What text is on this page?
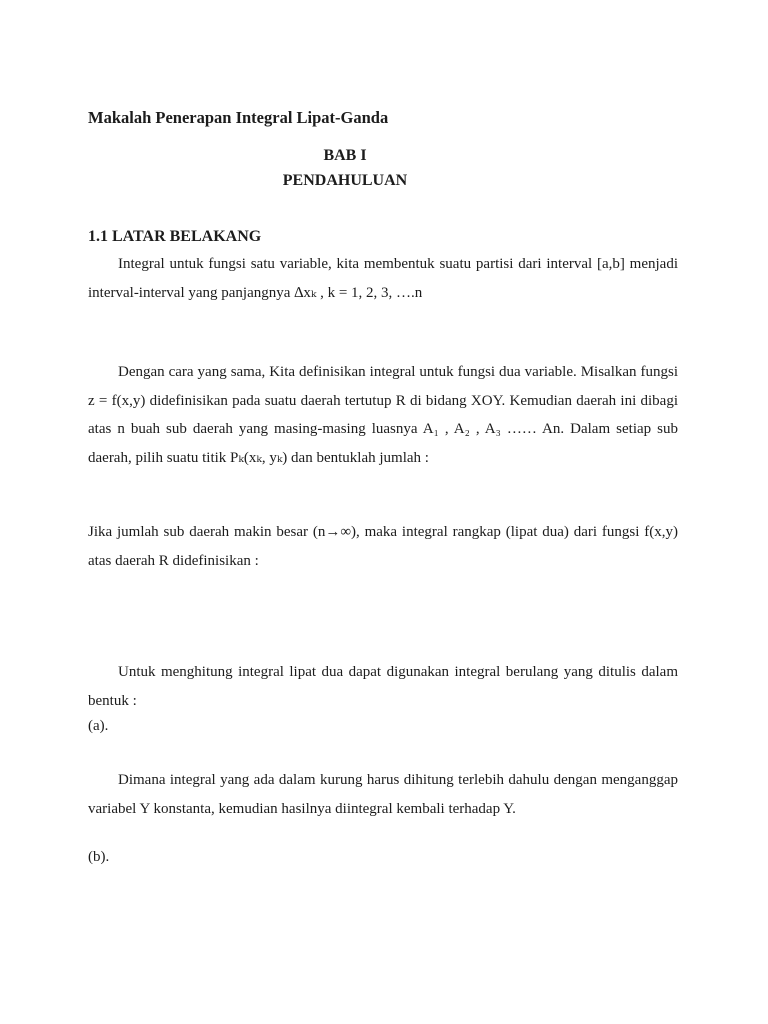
Makalah Penerapan Integral Lipat-Ganda
BAB I
PENDAHULUAN
1.1 LATAR BELAKANG
Integral untuk fungsi satu variable, kita membentuk suatu partisi dari interval [a,b] menjadi interval-interval yang panjangnya ∆xₖ , k = 1, 2, 3, ….n
Dengan cara yang sama, Kita definisikan integral untuk fungsi dua variable. Misalkan fungsi z = f(x,y) didefinisikan pada suatu daerah tertutup R di bidang XOY. Kemudian daerah ini dibagi atas n buah sub daerah yang masing-masing luasnya A₁ , A₂ , A₃ …… An. Dalam setiap sub daerah, pilih suatu titik Pₖ(xₖ, yₖ) dan bentuklah jumlah :
Jika jumlah sub daerah makin besar (n→∞), maka integral rangkap (lipat dua) dari fungsi f(x,y) atas daerah R didefinisikan :
Untuk menghitung integral lipat dua dapat digunakan integral berulang yang ditulis dalam bentuk :
(a).
Dimana integral yang ada dalam kurung harus dihitung terlebih dahulu dengan menganggap variabel Y konstanta, kemudian hasilnya diintegral kembali terhadap Y.
(b).
